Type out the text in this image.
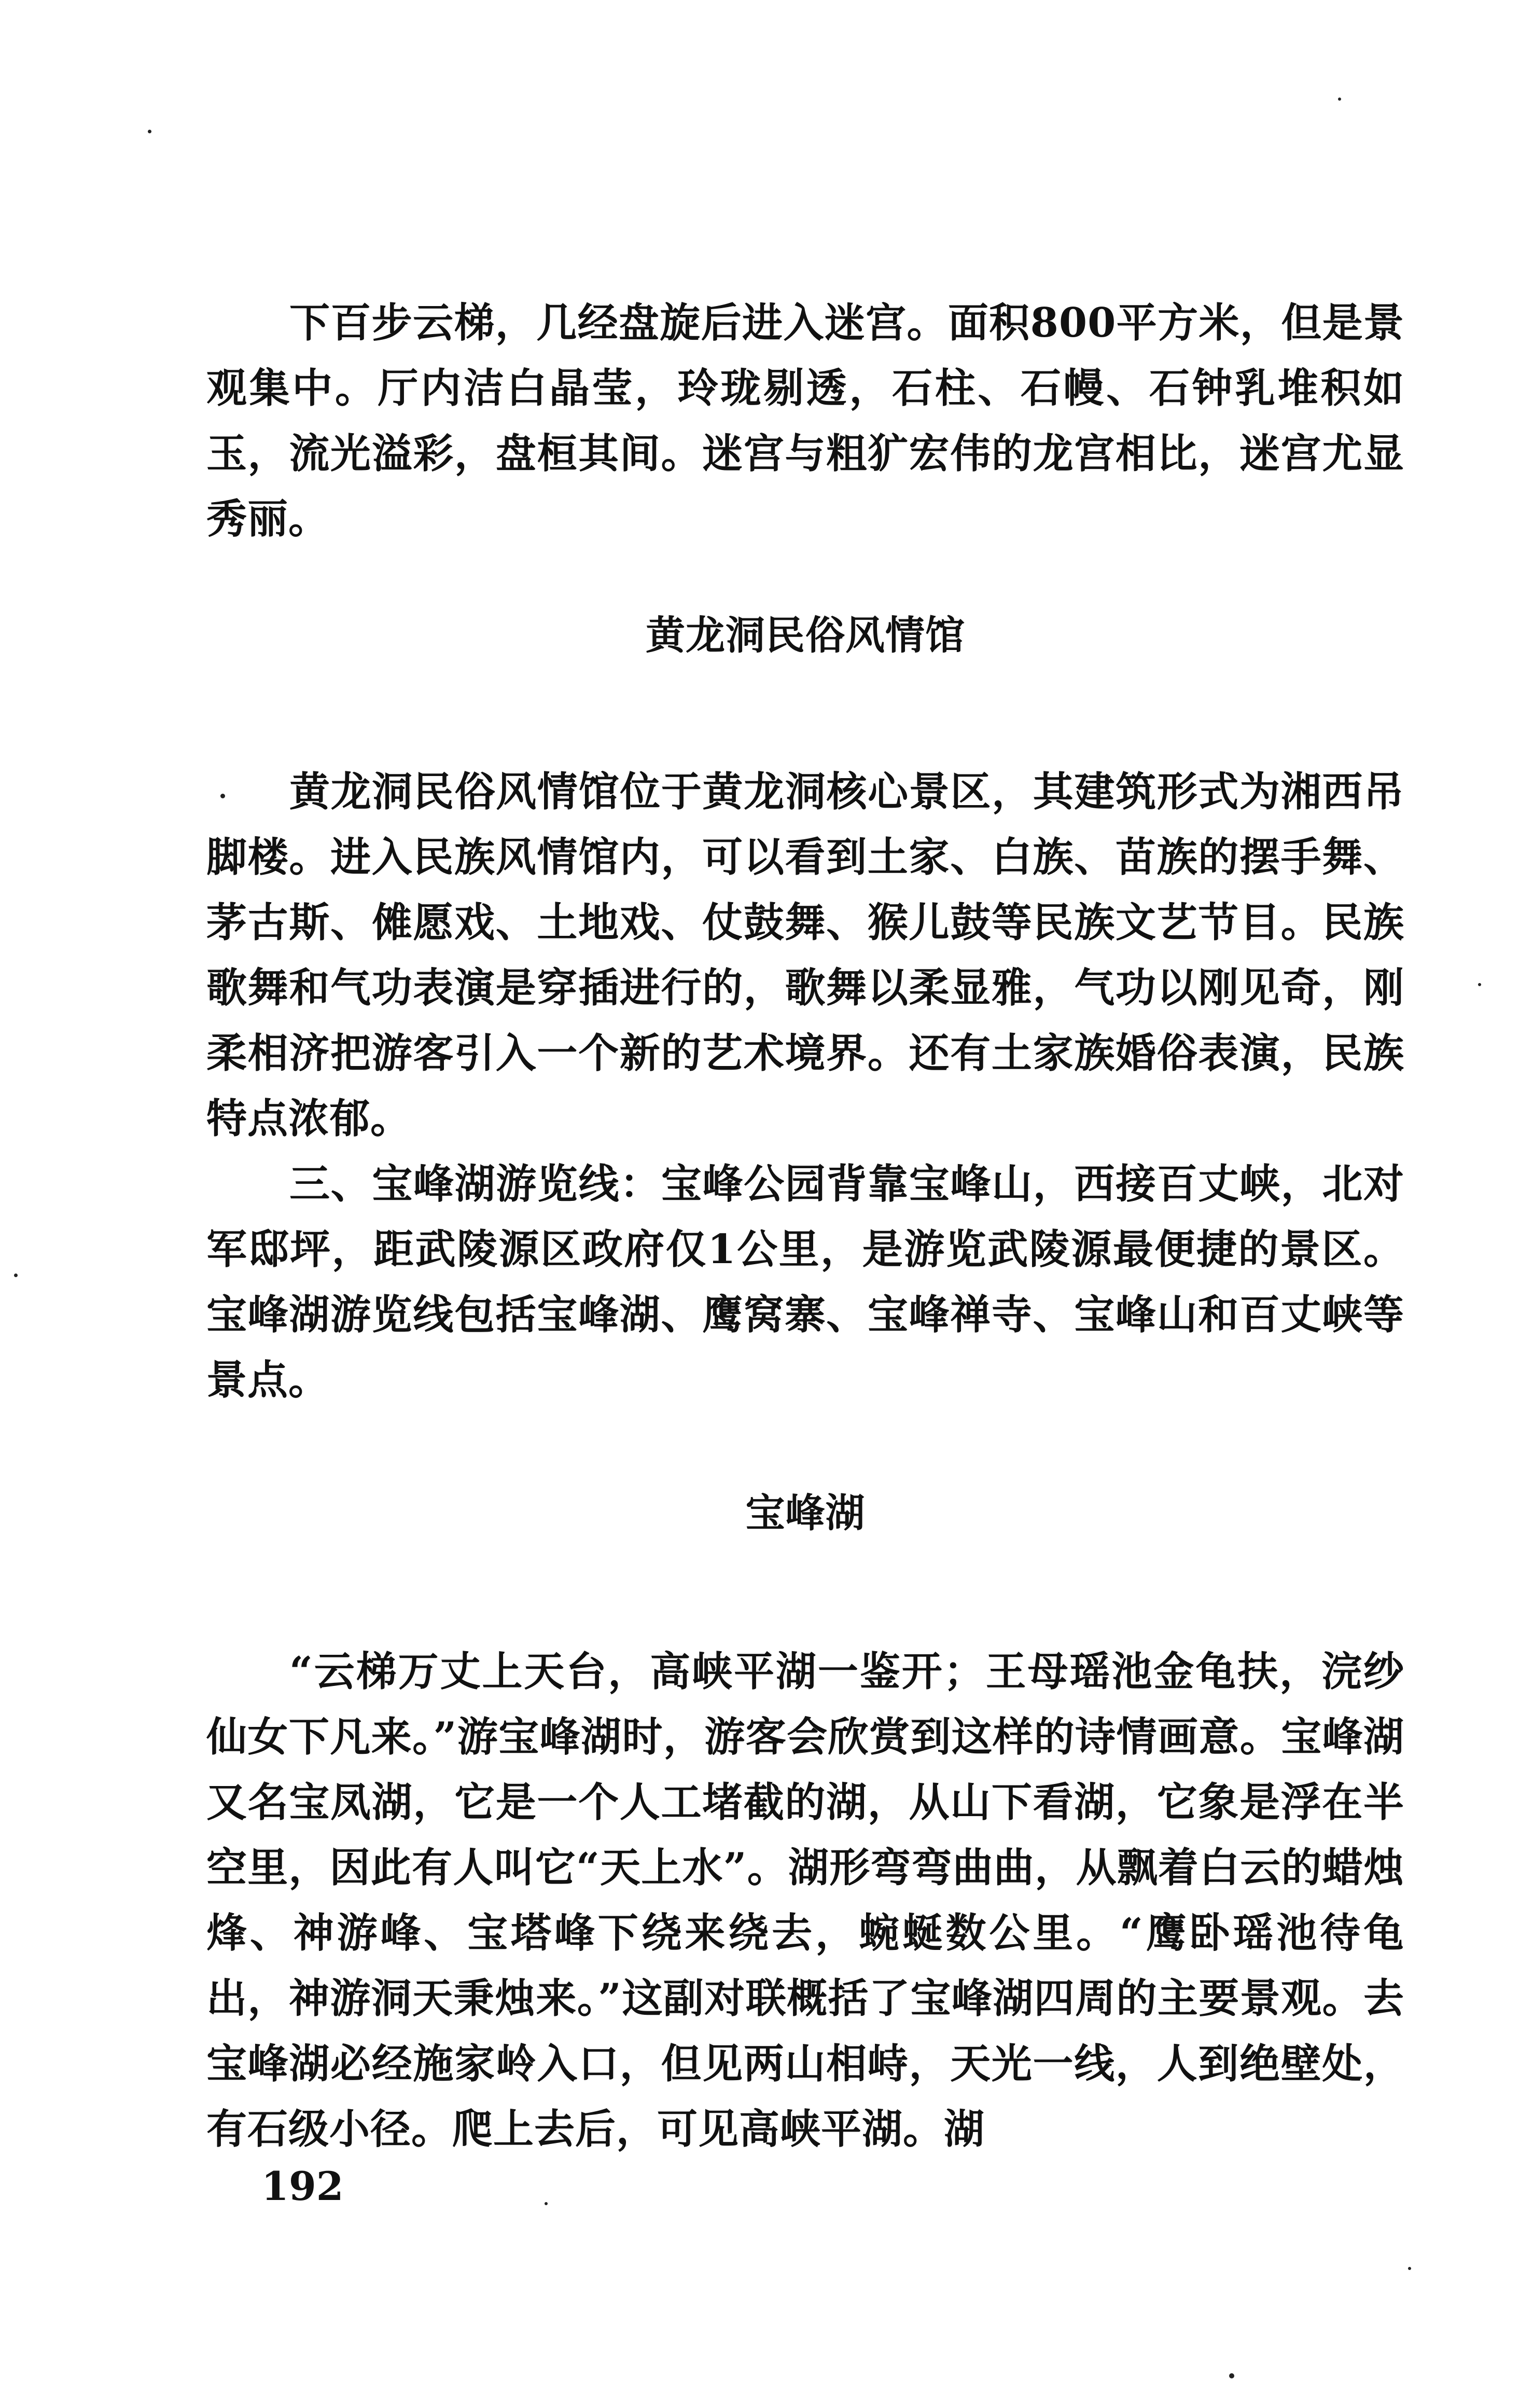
下百步云梯，几经盘旋后进入迷宫。面积800平方米，但是景观集中。厅内洁白晶莹，玲珑剔透，石柱、石幔、石钟乳堆积如玉，流光溢彩，盘桓其间。迷宫与粗犷宏伟的龙宫相比，迷宫尤显秀丽。

黄龙洞民俗风情馆

黄龙洞民俗风情馆位于黄龙洞核心景区，其建筑形式为湘西吊脚楼。进入民族风情馆内，可以看到土家、白族、苗族的摆手舞、茅古斯、傩愿戏、土地戏、仗鼓舞、猴儿鼓等民族文艺节目。民族歌舞和气功表演是穿插进行的，歌舞以柔显雅，气功以刚见奇，刚柔相济把游客引入一个新的艺术境界。还有土家族婚俗表演，民族特点浓郁。

三、宝峰湖游览线：宝峰公园背靠宝峰山，西接百丈峡，北对军邸坪，距武陵源区政府仅1公里，是游览武陵源最便捷的景区。宝峰湖游览线包括宝峰湖、鹰窝寨、宝峰禅寺、宝峰山和百丈峡等景点。

宝峰湖

“云梯万丈上天台，高峡平湖一鉴开；王母瑶池金龟扶，浣纱仙女下凡来。”游宝峰湖时，游客会欣赏到这样的诗情画意。宝峰湖又名宝凤湖，它是一个人工堵截的湖，从山下看湖，它象是浮在半空里，因此有人叫它“天上水”。湖形弯弯曲曲，从飘着白云的蜡烛烽、神游峰、宝塔峰下绕来绕去，蜿蜒数公里。“鹰卧瑶池待龟出，神游洞天秉烛来。”这副对联概括了宝峰湖四周的主要景观。去宝峰湖必经施家岭入口，但见两山相峙，天光一线，人到绝壁处，有石级小径。爬上去后，可见高峡平湖。湖

192
